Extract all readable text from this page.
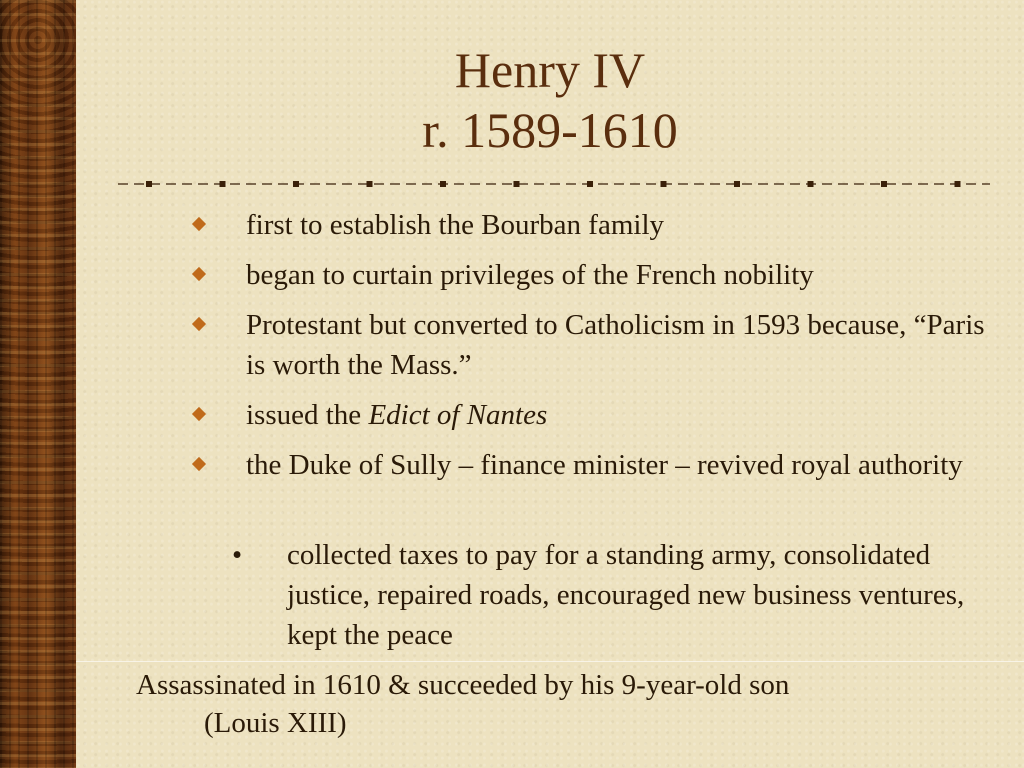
Henry IV
r. 1589-1610
first to establish the Bourban family
began to curtain privileges of the French nobility
Protestant but converted to Catholicism in 1593 because, “Paris is worth the Mass.”
issued the Edict of Nantes
the Duke of Sully – finance minister – revived royal authority
• collected taxes to pay for a standing army, consolidated justice, repaired roads, encouraged new business ventures, kept the peace
Assassinated in 1610 & succeeded by his 9-year-old son
(Louis XIII)
